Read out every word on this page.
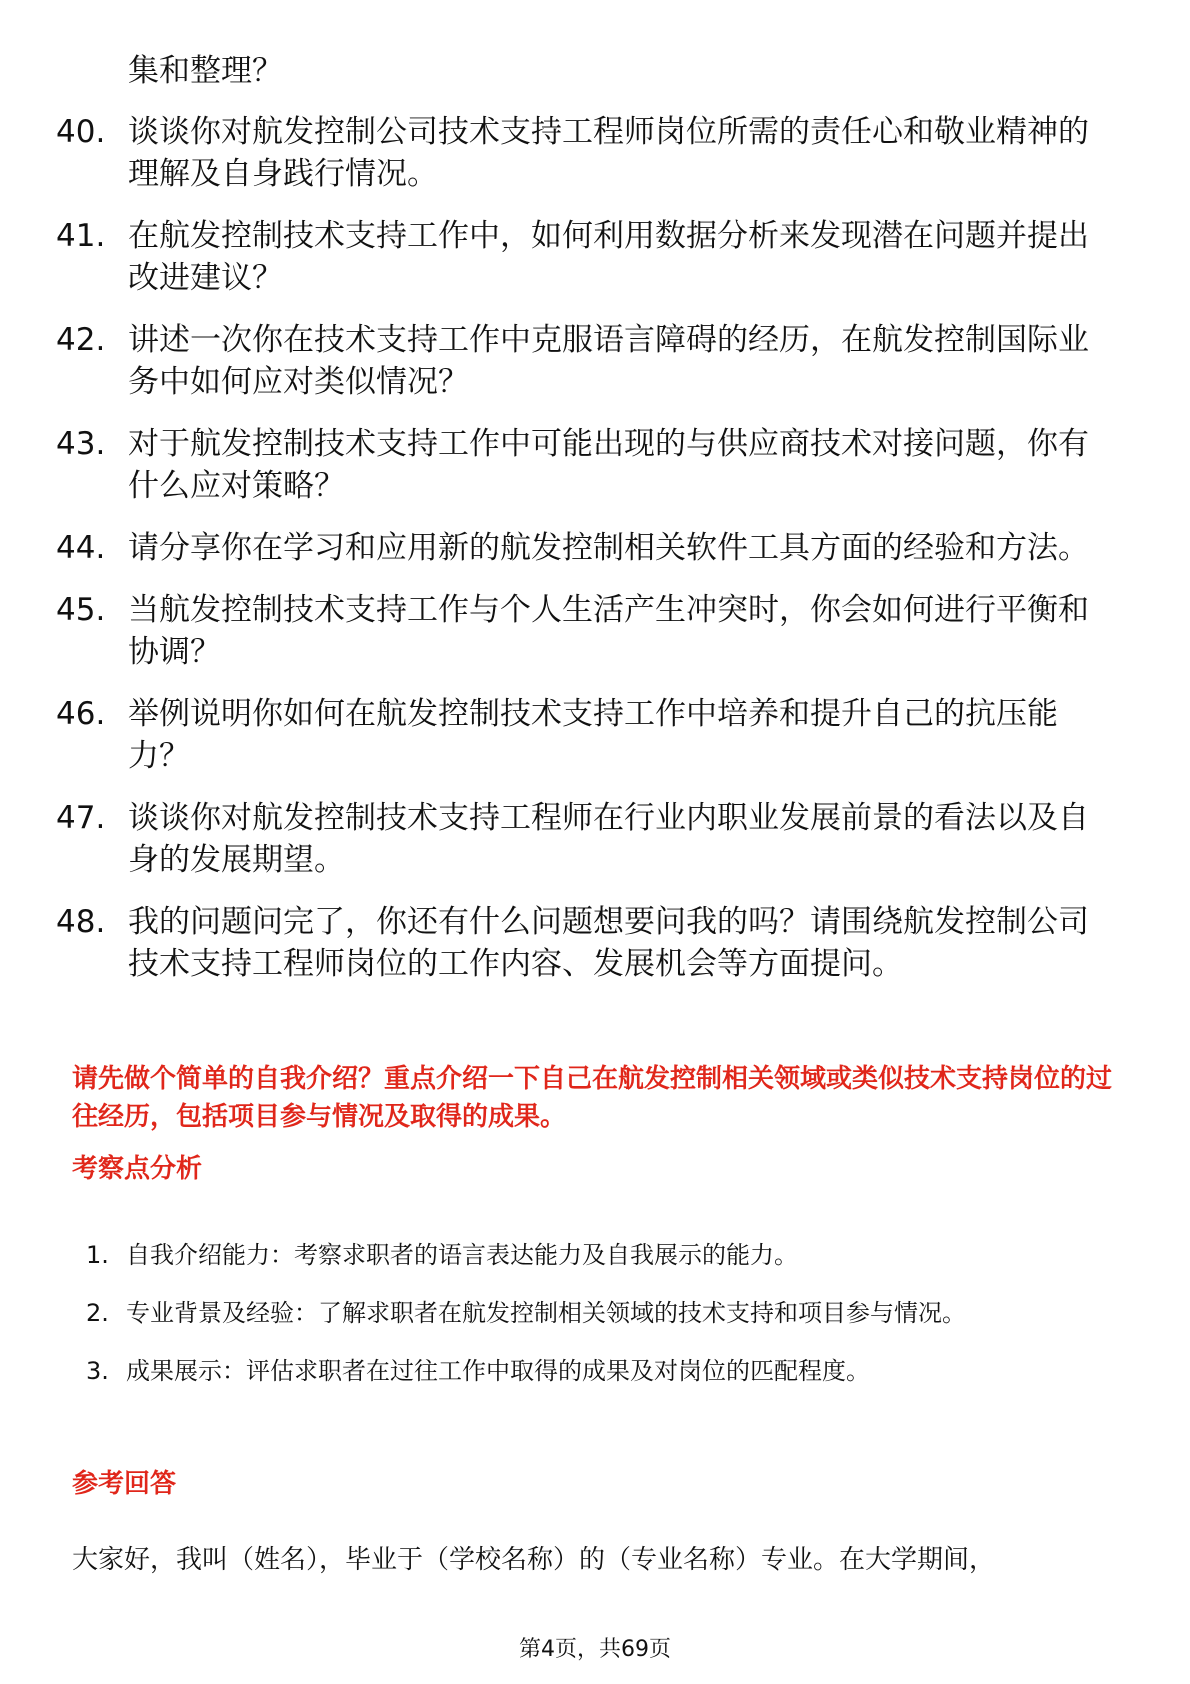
集和整理？

40. 谈谈你对航发控制公司技术支持工程师岗位所需的责任心和敬业精神的理解及自身践行情况。
41. 在航发控制技术支持工作中，如何利用数据分析来发现潜在问题并提出改进建议？
42. 讲述一次你在技术支持工作中克服语言障碍的经历，在航发控制国际业务中如何应对类似情况？
43. 对于航发控制技术支持工作中可能出现的与供应商技术对接问题，你有什么应对策略？
44. 请分享你在学习和应用新的航发控制相关软件工具方面的经验和方法。
45. 当航发控制技术支持工作与个人生活产生冲突时，你会如何进行平衡和协调？
46. 举例说明你如何在航发控制技术支持工作中培养和提升自己的抗压能力？
47. 谈谈你对航发控制技术支持工程师在行业内职业发展前景的看法以及自身的发展期望。
48. 我的问题问完了，你还有什么问题想要问我的吗？请围绕航发控制公司技术支持工程师岗位的工作内容、发展机会等方面提问。

请先做个简单的自我介绍？重点介绍一下自己在航发控制相关领域或类似技术支持岗位的过往经历，包括项目参与情况及取得的成果。

考察点分析
1. 自我介绍能力：考察求职者的语言表达能力及自我展示的能力。
2. 专业背景及经验：了解求职者在航发控制相关领域的技术支持和项目参与情况。
3. 成果展示：评估求职者在过往工作中取得的成果及对岗位的匹配程度。
参考回答

大家好，我叫（姓名），毕业于（学校名称）的（专业名称）专业。在大学期间，

第4页，共69页
